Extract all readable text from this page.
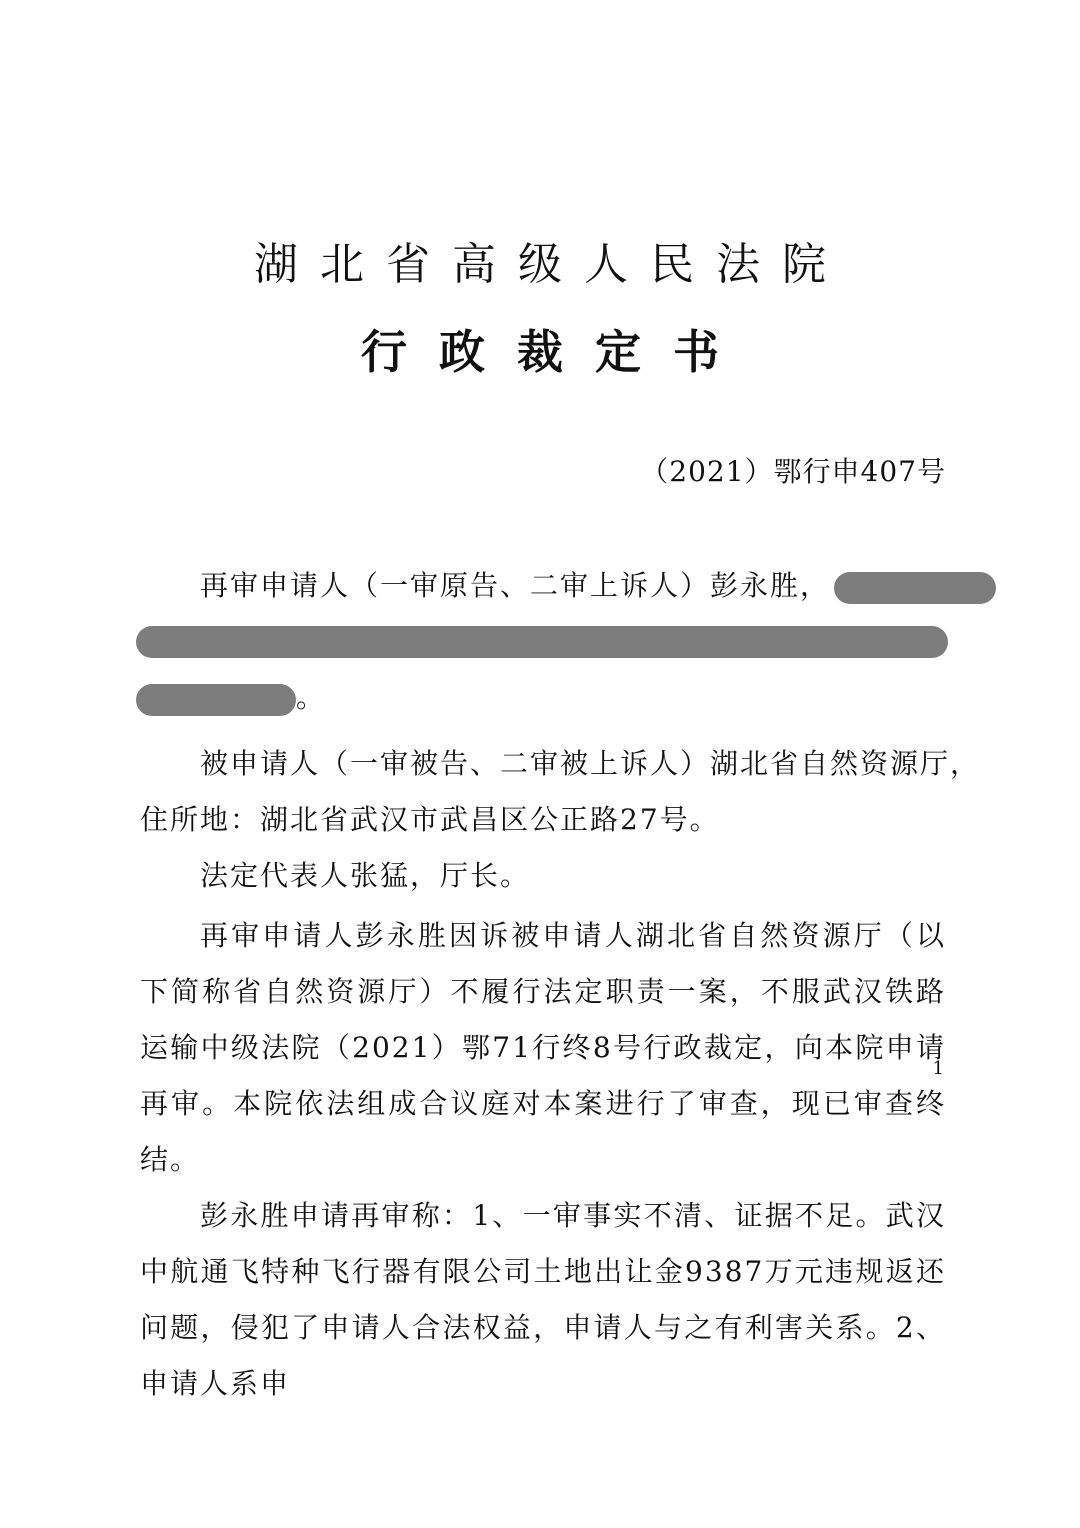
湖北省高级人民法院
行政裁定书
（2021）鄂行申407号
再审申请人（一审原告、二审上诉人）彭永胜，
。

被申请人（一审被告、二审被上诉人）湖北省自然资源厅，

住所地：湖北省武汉市武昌区公正路27号。

法定代表人张猛，厅长。

再审申请人彭永胜因诉被申请人湖北省自然资源厅（以下简称省自然资源厅）不履行法定职责一案，不服武汉铁路运输中级法院（2021）鄂71行终8号行政裁定，向本院申请再审。本院依法组成合议庭对本案进行了审查，现已审查终结。

彭永胜申请再审称：1、一审事实不清、证据不足。武汉中航通飞特种飞行器有限公司土地出让金9387万元违规返还问题，侵犯了申请人合法权益，申请人与之有利害关系。2、申请人系申

1
